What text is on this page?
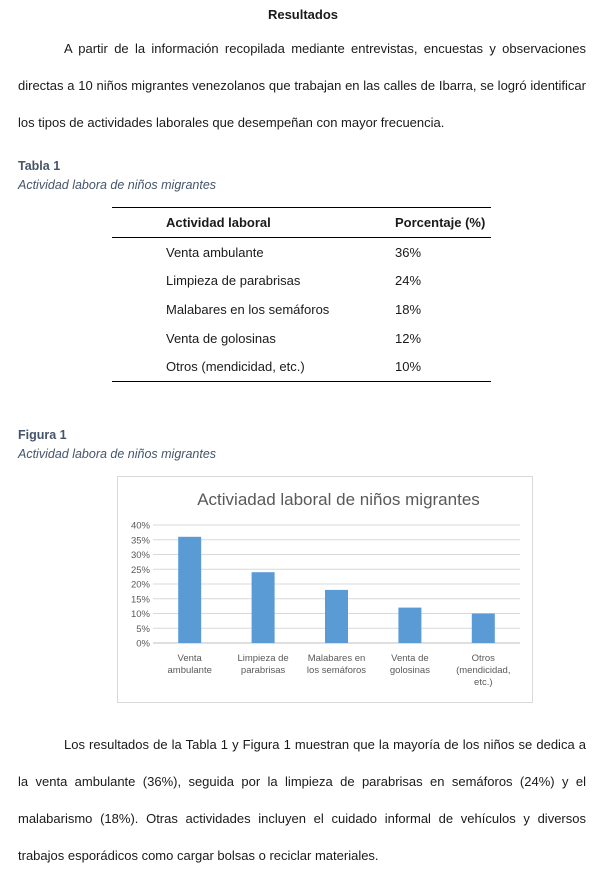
Resultados
A partir de la información recopilada mediante entrevistas, encuestas y observaciones directas a 10 niños migrantes venezolanos que trabajan en las calles de Ibarra, se logró identificar los tipos de actividades laborales que desempeñan con mayor frecuencia.
Tabla 1
Actividad labora de niños migrantes
Actividad laboral	Porcentaje (%)
Venta ambulante	36%
Limpieza de parabrisas	24%
Malabares en los semáforos	18%
Venta de golosinas	12%
Otros (mendicidad, etc.)	10%
Figura 1
Actividad labora de niños migrantes
Activiadad laboral de niños migrantes
0%
5%
10%
15%
20%
25%
30%
35%
40%
Venta ambulante
Limpieza de parabrisas
Malabares en los semáforos
Venta de golosinas
Otros (mendicidad, etc.)
Los resultados de la Tabla 1 y Figura 1 muestran que la mayoría de los niños se dedica a la venta ambulante (36%), seguida por la limpieza de parabrisas en semáforos (24%) y el malabarismo (18%). Otras actividades incluyen el cuidado informal de vehículos y diversos trabajos esporádicos como cargar bolsas o reciclar materiales.
